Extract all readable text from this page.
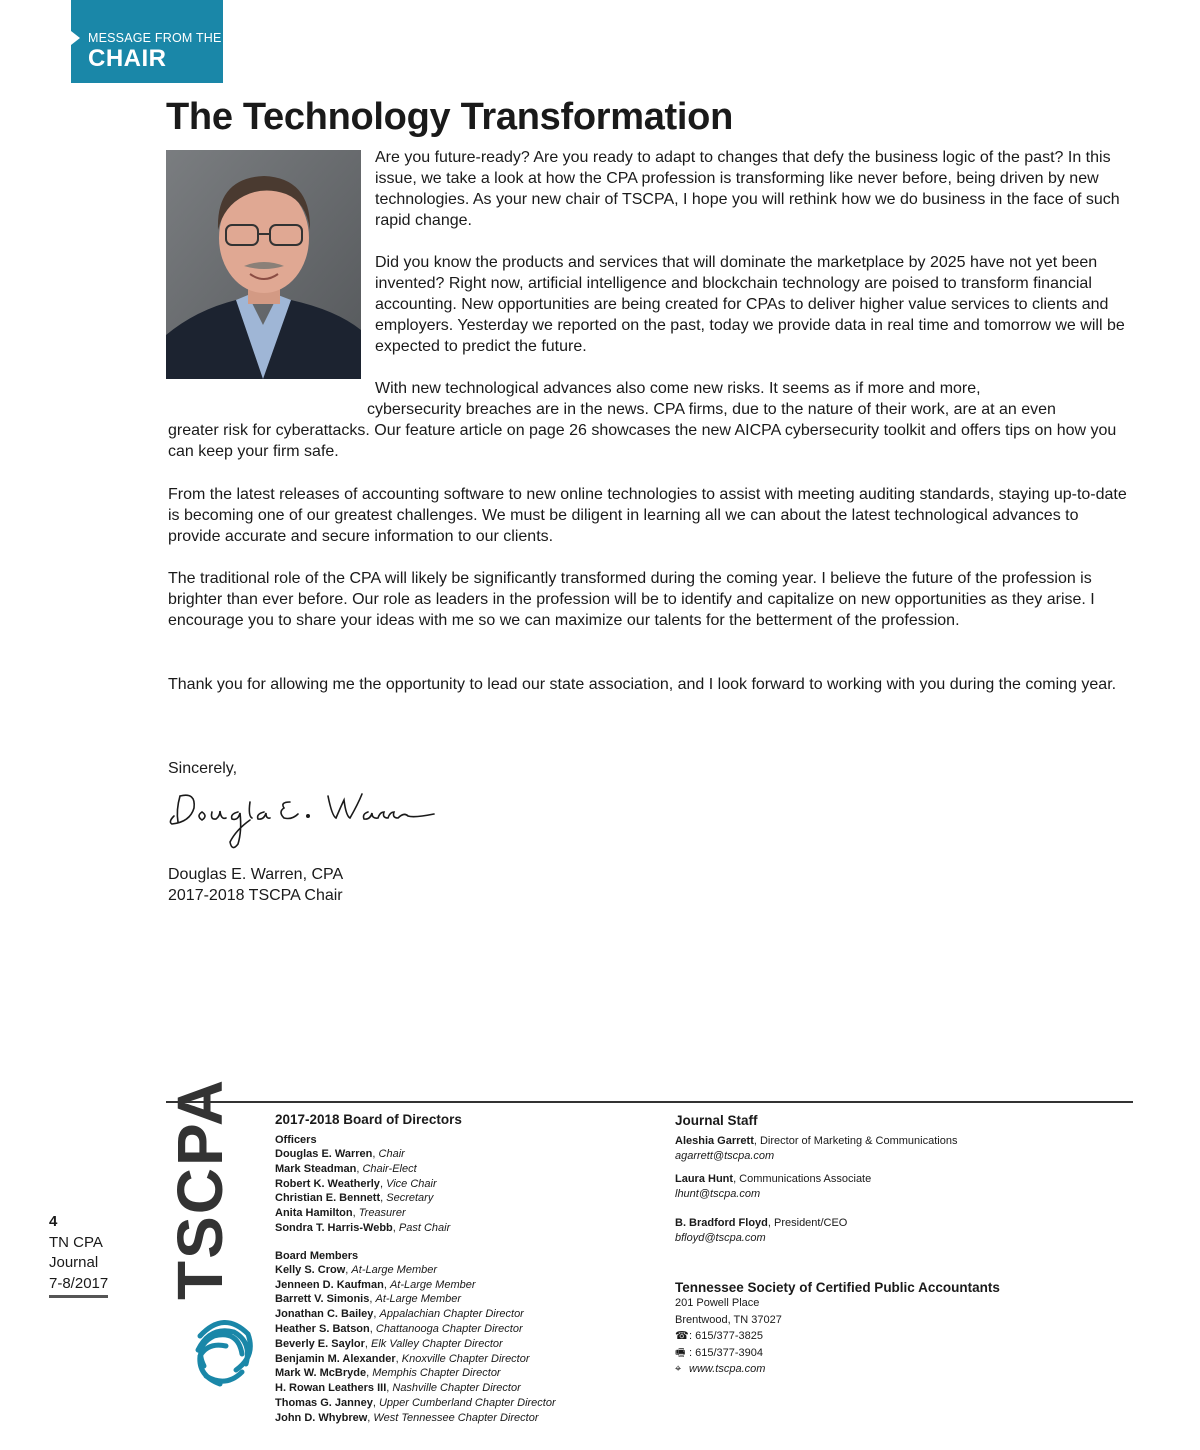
MESSAGE FROM THE
CHAIR
The Technology Transformation

Are you future-ready? Are you ready to adapt to changes that defy the business logic of the past? In this issue, we take a look at how the CPA profession is transforming like never before, being driven by new technologies. As your new chair of TSCPA, I hope you will rethink how we do business in the face of such rapid change.

Did you know the products and services that will dominate the marketplace by 2025 have not yet been invented? Right now, artificial intelligence and blockchain technology are poised to transform financial accounting. New opportunities are being created for CPAs to deliver higher value services to clients and employers. Yesterday we reported on the past, today we provide data in real time and tomorrow we will be expected to predict the future.

With new technological advances also come new risks. It seems as if more and more,

cybersecurity breaches are in the news. CPA firms, due to the nature of their work, are at an even

greater risk for cyberattacks. Our feature article on page 26 showcases the new AICPA cybersecurity toolkit and offers tips on how you can keep your firm safe.

From the latest releases of accounting software to new online technologies to assist with meeting auditing standards, staying up-to-date is becoming one of our greatest challenges. We must be diligent in learning all we can about the latest technological advances to provide accurate and secure information to our clients.

The traditional role of the CPA will likely be significantly transformed during the coming year. I believe the future of the profession is brighter than ever before. Our role as leaders in the profession will be to identify and capitalize on new opportunities as they arise. I encourage you to share your ideas with me so we can maximize our talents for the betterment of the profession.

Thank you for allowing me the opportunity to lead our state association, and I look forward to working with you during the coming year.

Sincerely,

Douglas E. Warren, CPA

2017-2018 TSCPA Chair

4
TN CPA
Journal
7-8/2017 TSCPA	2017-2018 Board of Directors
Officers
Douglas E. Warren, Chair
Mark Steadman, Chair-Elect
Robert K. Weatherly, Vice Chair
Christian E. Bennett, Secretary
Anita Hamilton, Treasurer
Sondra T. Harris-Webb, Past Chair
Board Members
Kelly S. Crow, At-Large Member
Jenneen D. Kaufman, At-Large Member
Barrett V. Simonis, At-Large Member
Jonathan C. Bailey, Appalachian Chapter Director
Heather S. Batson, Chattanooga Chapter Director
Beverly E. Saylor, Elk Valley Chapter Director
Benjamin M. Alexander, Knoxville Chapter Director
Mark W. McBryde, Memphis Chapter Director
H. Rowan Leathers III, Nashville Chapter Director
Thomas G. Janney, Upper Cumberland Chapter Director
John D. Whybrew, West Tennessee Chapter Director
Journal Staff
Aleshia Garrett, Director of Marketing & Communications
agarrett@tscpa.com
Laura Hunt, Communications Associate
lhunt@tscpa.com
B. Bradford Floyd, President/CEO
bfloyd@tscpa.com
Tennessee Society of Certified Public Accountants
201 Powell Place
Brentwood, TN 37027
☎: 615/377-3825
🖷 : 615/377-3904
⌖ www.tscpa.com
